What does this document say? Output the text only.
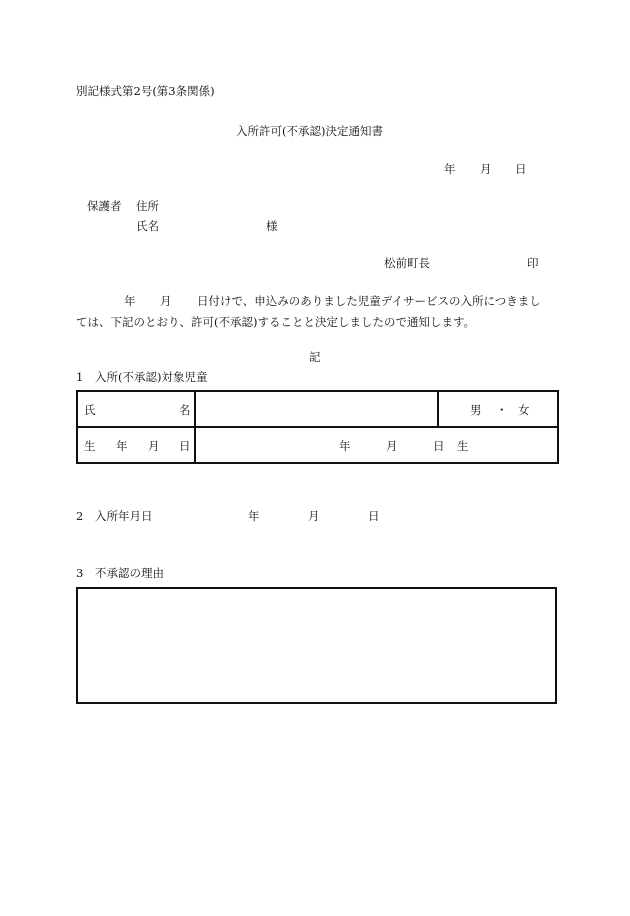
別記様式第2号(第3条関係)
入所許可(不承認)決定通知書
年 月 日
保護者 住所
氏名	様
松前町長	印
年 月 日付けで、申込みのありました児童デイサービスの入所につきまし
ては、下記のとおり、許可(不承認)することと決定しましたので通知します。
記
1 入所(不承認)対象児童
氏 名		男 ・ 女

生 年 月 日	年 月 日 生	
2 入所年月日	年	月	日
3 不承認の理由
